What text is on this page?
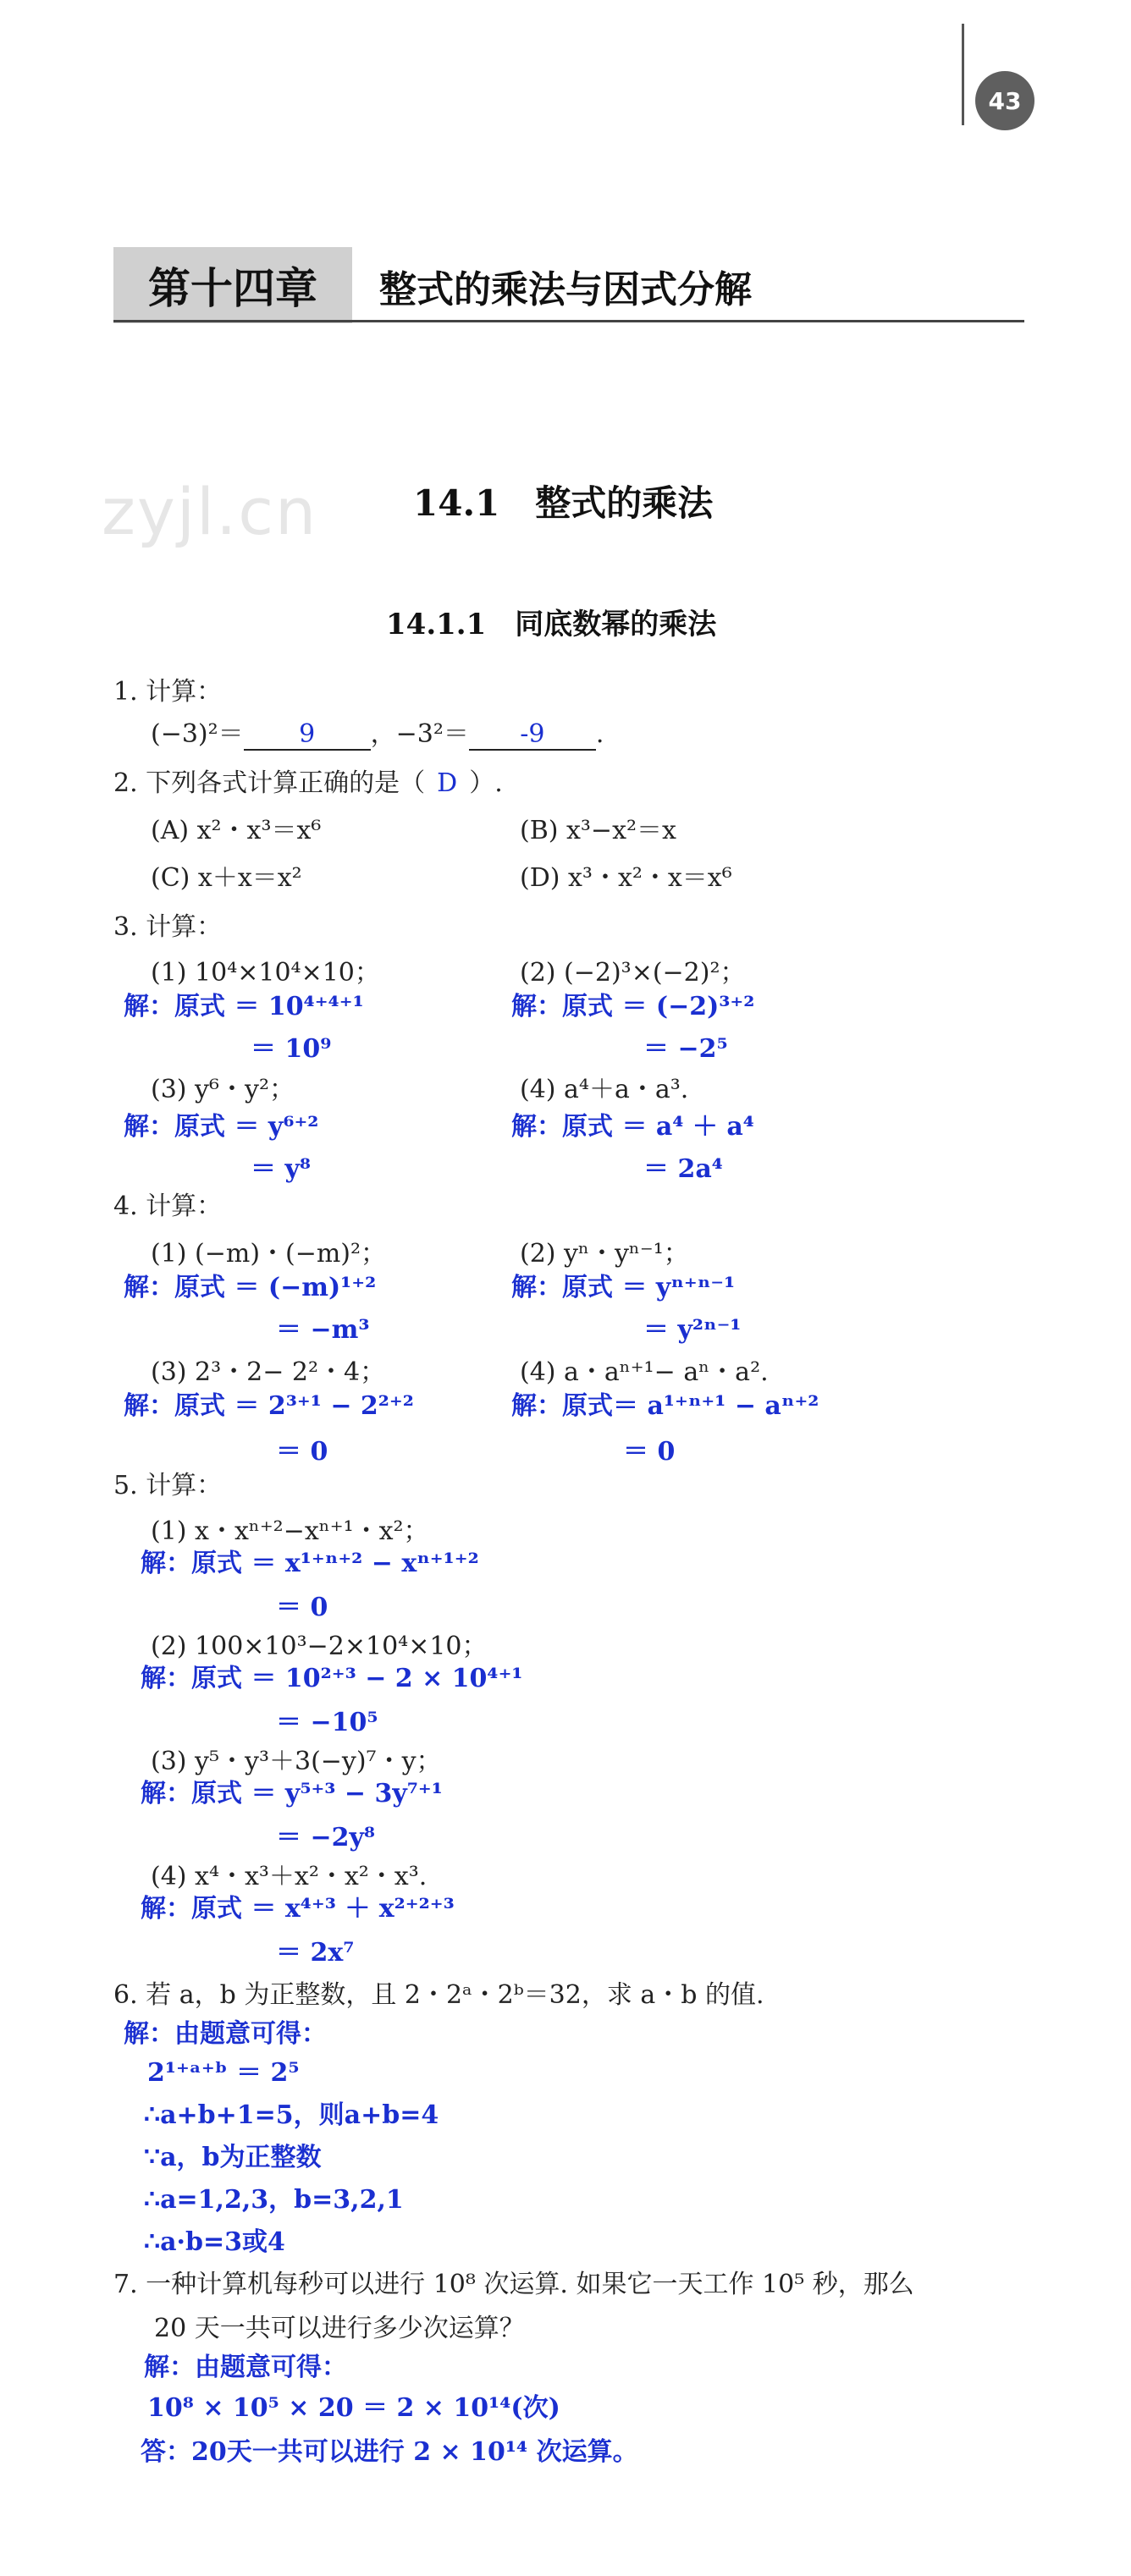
43
第十四章	整式的乘法与因式分解
zyjl.cn	14.1　整式的乘法
14.1.1　同底数幂的乘法
1. 计算：
(−3)²＝ 9 ，−3²＝ -9 .
2. 下列各式计算正确的是（ D ）.
(A) x²・x³＝x⁶	(B) x³−x²＝x
(C) x＋x＝x²	(D) x³・x²・x＝x⁶
3. 计算：
(1) 10⁴×10⁴×10；	(2) (−2)³×(−2)²；
解：原式 ＝ 10⁴⁺⁴⁺¹
＝ 10⁹
解：原式 ＝ (−2)³⁺²
＝ −2⁵
(3) y⁶・y²；	(4) a⁴＋a・a³.
解：原式 ＝ y⁶⁺²
＝ y⁸
解：原式 ＝ a⁴ ＋ a⁴
＝ 2a⁴
4. 计算：
(1) (−m)・(−m)²；	(2) yⁿ・yⁿ⁻¹；
解：原式 ＝ (−m)¹⁺²
＝ −m³
解：原式 ＝ yⁿ⁺ⁿ⁻¹
＝ y²ⁿ⁻¹
(3) 2³・2− 2²・4；	(4) a・aⁿ⁺¹− aⁿ・a².
解：原式 ＝ 2³⁺¹ − 2²⁺²
＝ 0
解：原式＝ a¹⁺ⁿ⁺¹ − aⁿ⁺²
＝ 0
5. 计算：
(1) x・xⁿ⁺²−xⁿ⁺¹・x²；
解：原式 ＝ x¹⁺ⁿ⁺² − xⁿ⁺¹⁺²
＝ 0
(2) 100×10³−2×10⁴×10；
解：原式 ＝ 10²⁺³ − 2 × 10⁴⁺¹
＝ −10⁵
(3) y⁵・y³＋3(−y)⁷・y；
解：原式 ＝ y⁵⁺³ − 3y⁷⁺¹
＝ −2y⁸
(4) x⁴・x³＋x²・x²・x³.
解：原式 ＝ x⁴⁺³ ＋ x²⁺²⁺³
＝ 2x⁷
6. 若 a，b 为正整数，且 2・2ᵃ・2ᵇ＝32，求 a・b 的值.
解：由题意可得：
2¹⁺ᵃ⁺ᵇ ＝ 2⁵
∴a+b+1=5，则a+b=4
∵a，b为正整数
∴a=1,2,3，b=3,2,1
∴a·b=3或4
7. 一种计算机每秒可以进行 10⁸ 次运算. 如果它一天工作 10⁵ 秒，那么
20 天一共可以进行多少次运算？
解：由题意可得：
10⁸ × 10⁵ × 20 ＝ 2 × 10¹⁴(次)
答：20天一共可以进行 2 × 10¹⁴ 次运算。
